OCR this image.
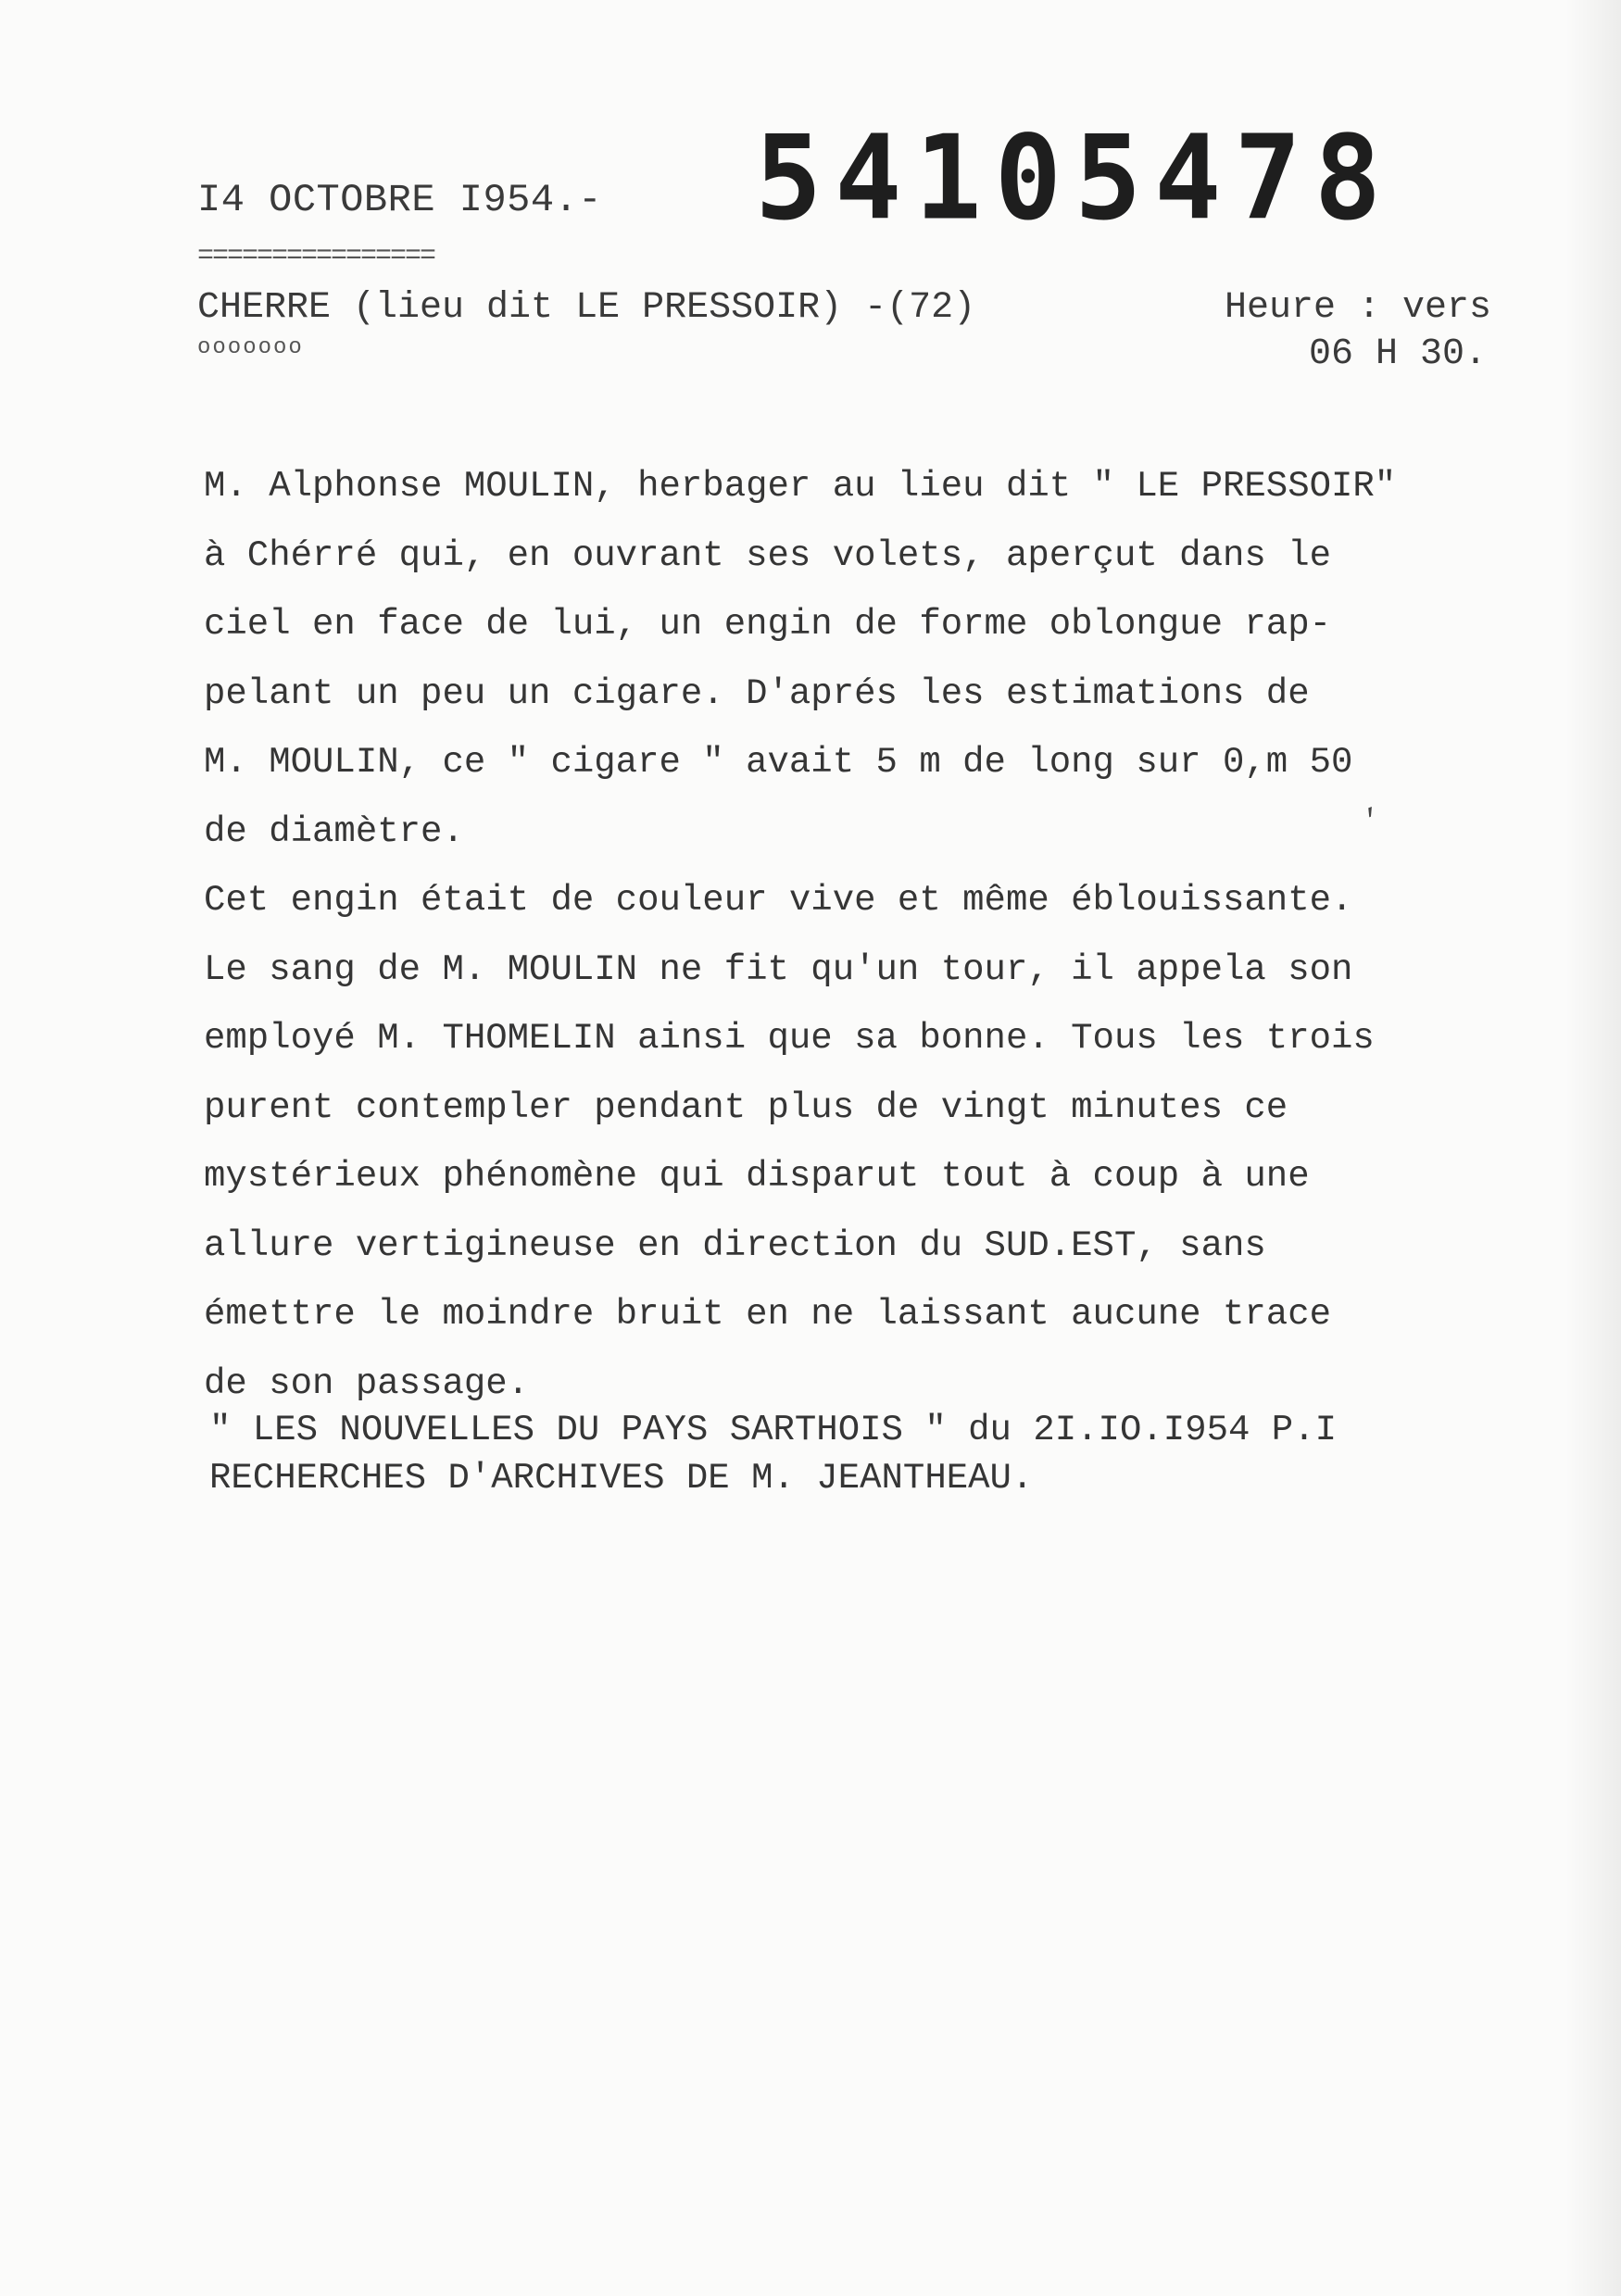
I4 OCTOBRE I954.-
================
54105478
CHERRE (lieu dit LE PRESSOIR) -(72)
ooooooo
Heure : vers
06 H 30.
,
M. Alphonse MOULIN, herbager au lieu dit " LE PRESSOIR"
à Chérré qui, en ouvrant ses volets, aperçut dans le
ciel en face de lui, un engin de forme oblongue rap-
pelant un peu un cigare. D'aprés les estimations de
M. MOULIN, ce " cigare " avait 5 m de long sur 0,m 50
de diamètre.
Cet engin était de couleur vive et même éblouissante.
Le sang de M. MOULIN ne fit qu'un tour, il appela son
employé M. THOMELIN ainsi que sa bonne. Tous les trois
purent contempler pendant plus de vingt minutes ce
mystérieux phénomène qui disparut tout à coup à une
allure vertigineuse en direction du SUD.EST, sans
émettre le moindre bruit en ne laissant aucune trace
de son passage.
" LES NOUVELLES DU PAYS SARTHOIS " du 2I.IO.I954 P.I
RECHERCHES D'ARCHIVES DE M. JEANTHEAU.
